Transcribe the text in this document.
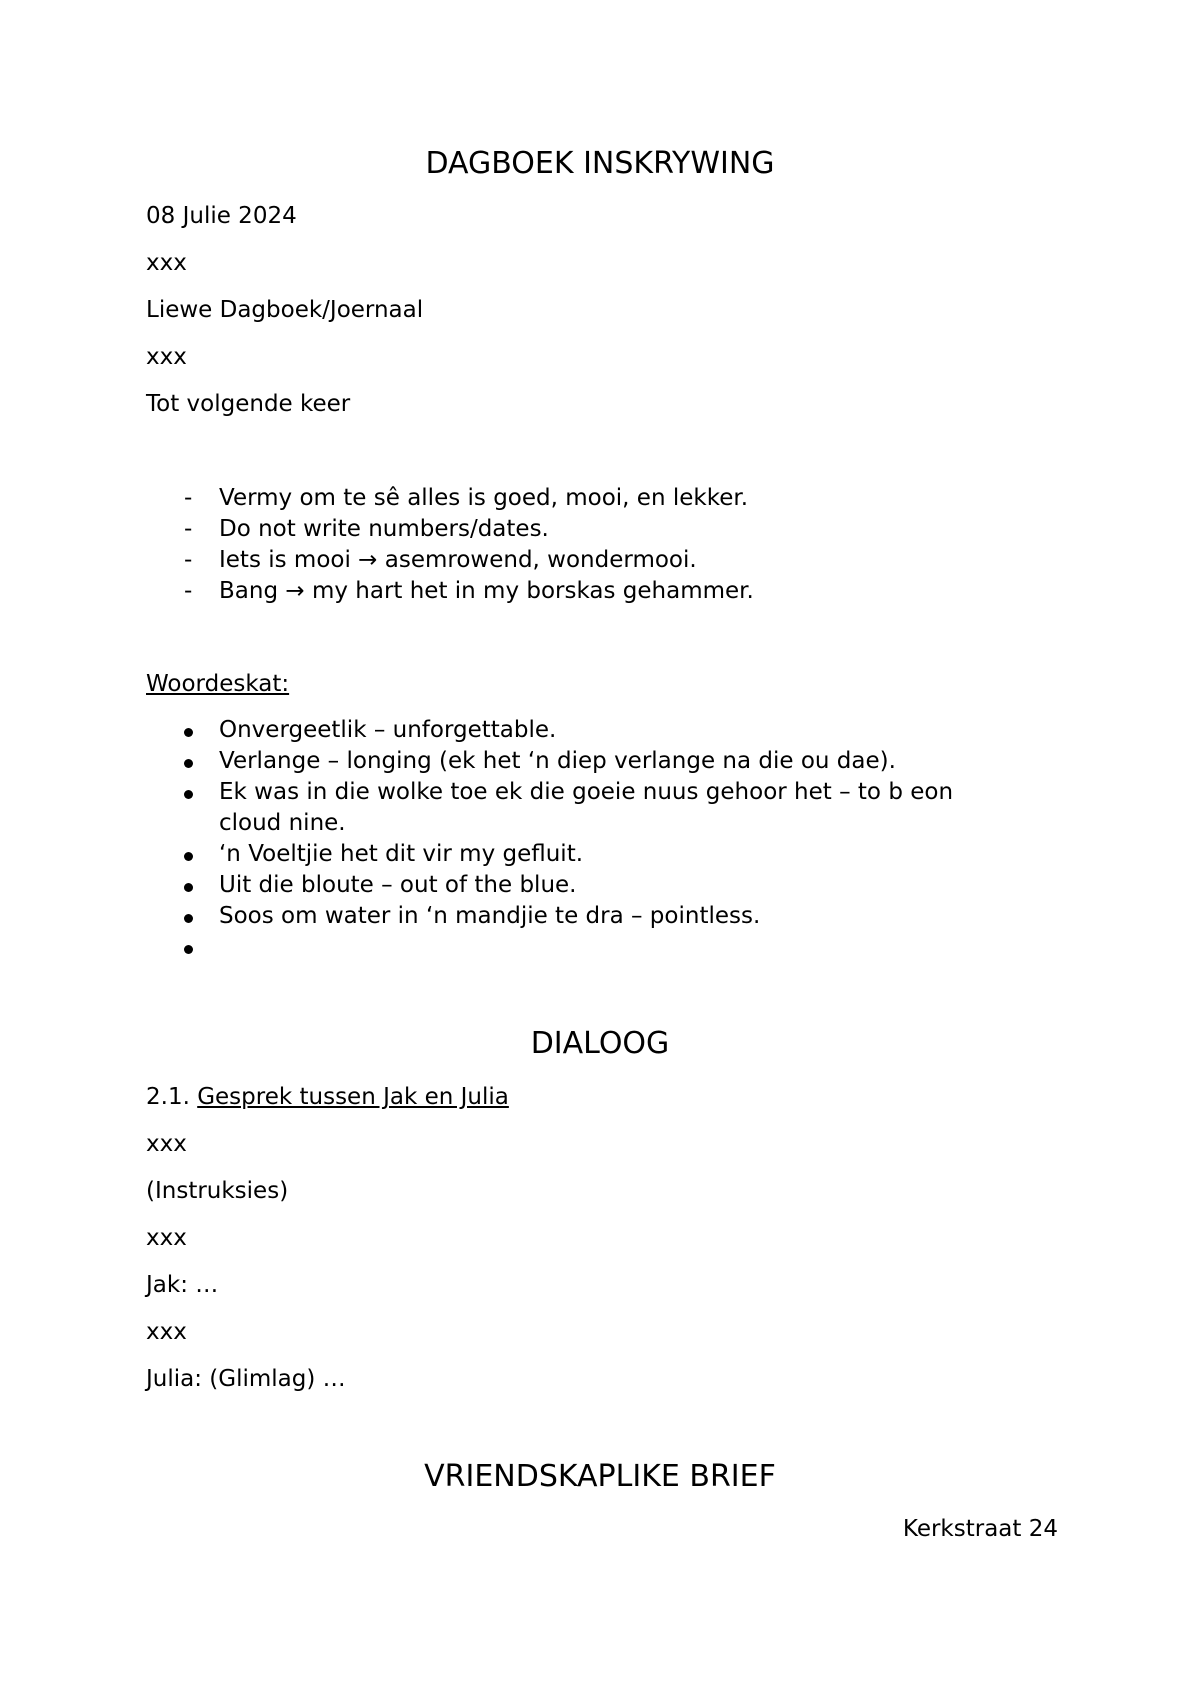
DAGBOEK INSKRYWING
08 Julie 2024
xxx
Liewe Dagboek/Joernaal
xxx
Tot volgende keer
- Vermy om te sê alles is goed, mooi, en lekker.
- Do not write numbers/dates.
- Iets is mooi → asemrowend, wondermooi.
- Bang → my hart het in my borskas gehammer.
Woordeskat:
Onvergeetlik – unforgettable.
Verlange – longing (ek het ‘n diep verlange na die ou dae).
Ek was in die wolke toe ek die goeie nuus gehoor het – to b eon
cloud nine.
‘n Voeltjie het dit vir my gefluit.
Uit die bloute – out of the blue.
Soos om water in ‘n mandjie te dra – pointless.
DIALOOG
2.1. Gesprek tussen Jak en Julia
xxx
(Instruksies)
xxx
Jak: …
xxx
Julia: (Glimlag) …
VRIENDSKAPLIKE BRIEF
Kerkstraat 24
